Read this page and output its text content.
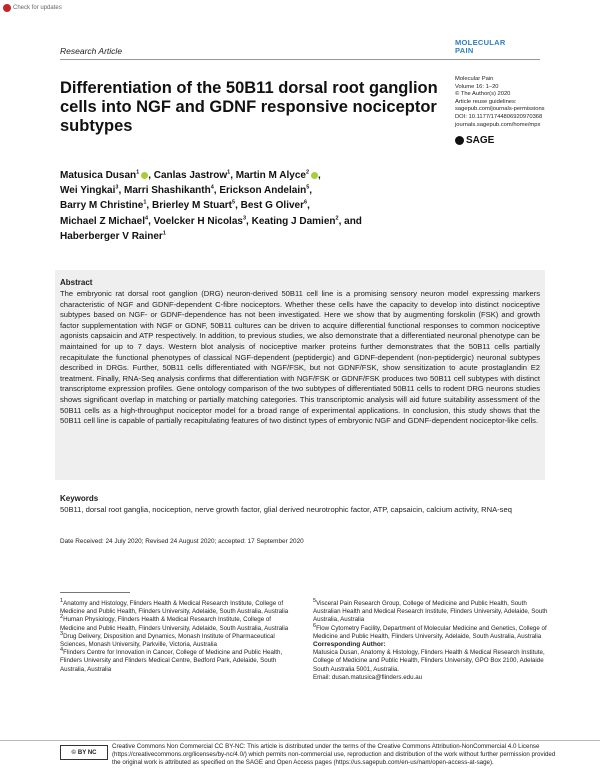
Check for updates
Research Article
MOLECULAR
PAIN
Differentiation of the 50B11 dorsal root ganglion cells into NGF and GDNF responsive nociceptor subtypes
Molecular Pain
Volume 16: 1–20
© The Author(s) 2020
Article reuse guidelines:
sagepub.com/journals-permissions
DOI: 10.1177/1744806920970368
journals.sagepub.com/home/mpx
SAGE
Matusica Dusan$^1$ , Canlas Jastrow$^1$, Martin M Alyce$^2$ ,
Wei Yingkai$^3$, Marri Shashikanth$^4$, Erickson Andelain$^5$,
Barry M Christine$^1$, Brierley M Stuart$^5$, Best G Oliver$^6$,
Michael Z Michael$^4$, Voelcker H Nicolas$^3$, Keating J Damien$^2$, and
Haberberger V Rainer$^1$
Abstract
The embryonic rat dorsal root ganglion (DRG) neuron-derived 50B11 cell line is a promising sensory neuron model expressing markers characteristic of NGF and GDNF-dependent C-fibre nociceptors. Whether these cells have the capacity to develop into distinct nociceptive subtypes based on NGF- or GDNF-dependence has not been investigated. Here we show that by augmenting forskolin (FSK) and growth factor supplementation with NGF or GDNF, 50B11 cultures can be driven to acquire differential functional responses to common nociceptive agonists capsaicin and ATP respectively. In addition, to previous studies, we also demonstrate that a differentiated neuronal phenotype can be maintained for up to 7 days. Western blot analysis of nociceptive marker proteins further demonstrates that the 50B11 cells partially recapitulate the functional phenotypes of classical NGF-dependent (peptidergic) and GDNF-dependent (non-peptidergic) neuronal subtypes described in DRGs. Further, 50B11 cells differentiated with NGF/FSK, but not GDNF/FSK, show sensitization to acute prostaglandin E2 treatment. Finally, RNA-Seq analysis confirms that differentiation with NGF/FSK or GDNF/FSK produces two 50B11 cell subtypes with distinct transcriptome expression profiles. Gene ontology comparison of the two subtypes of differentiated 50B11 cells to rodent DRG neurons studies shows significant overlap in matching or partially matching categories. This transcriptomic analysis will aid future suitability assessment of the 50B11 cells as a high-throughput nociceptor model for a broad range of experimental applications. In conclusion, this study shows that the 50B11 cell line is capable of partially recapitulating features of two distinct types of embryonic NGF and GDNF-dependent nociceptor-like cells.
Keywords
50B11, dorsal root ganglia, nociception, nerve growth factor, glial derived neurotrophic factor, ATP, capsaicin, calcium activity, RNA-seq
Date Received: 24 July 2020; Revised 24 August 2020; accepted: 17 September 2020

$^1$Anatomy and Histology, Flinders Health & Medical Research Institute, College of Medicine and Public Health, Flinders University, Adelaide, South Australia, Australia

$^2$Human Physiology, Flinders Health & Medical Research Institute, College of Medicine and Public Health, Flinders University, Adelaide, South Australia, Australia

$^3$Drug Delivery, Disposition and Dynamics, Monash Institute of Pharmaceutical Sciences, Monash University, Parkville, Victoria, Australia

$^4$Flinders Centre for Innovation in Cancer, College of Medicine and Public Health, Flinders University and Flinders Medical Centre, Bedford Park, Adelaide, South Australia, Australia

$^5$Visceral Pain Research Group, College of Medicine and Public Health, South Australian Health and Medical Research Institute, Flinders University, Adelaide, South Australia, Australia

$^6$Flow Cytometry Facility, Department of Molecular Medicine and Genetics, College of Medicine and Public Health, Flinders University, Adelaide, South Australia, Australia

Corresponding Author:

Matusica Dusan, Anatomy & Histology, Flinders Health & Medical Research Institute, College of Medicine and Public Health, Flinders University, GPO Box 2100, Adelaide South Australia 5001, Australia.

Email: dusan.matusica@flinders.edu.au

© BY NC
Creative Commons Non Commercial CC BY-NC: This article is distributed under the terms of the Creative Commons Attribution-NonCommercial 4.0 License (https://creativecommons.org/licenses/by-nc/4.0/) which permits non-commercial use, reproduction and distribution of the work without further permission provided the original work is attributed as specified on the SAGE and Open Access pages (https://us.sagepub.com/en-us/nam/open-access-at-sage).
